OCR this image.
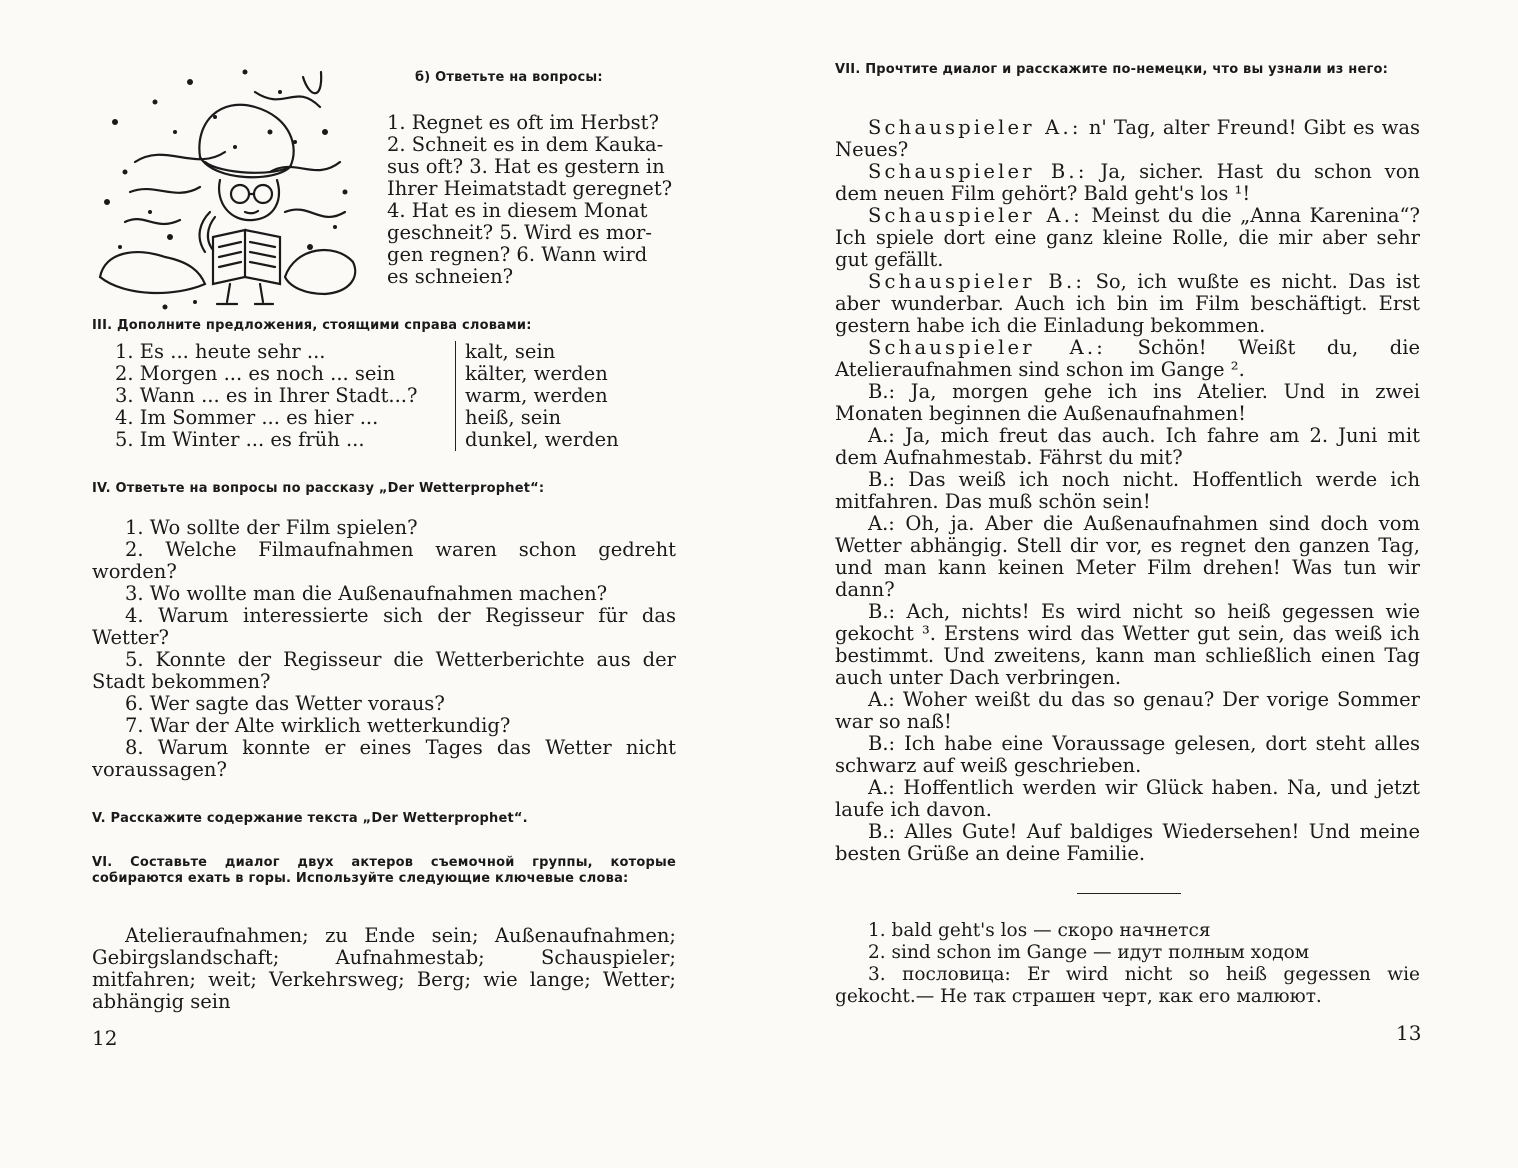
б) Ответьте на вопросы:
1. Regnet es oft im Herbst?
2. Schneit es in dem Kauka-
sus oft? 3. Hat es gestern in
Ihrer Heimatstadt geregnet?
4. Hat es in diesem Monat
geschneit? 5. Wird es mor-
gen regnen? 6. Wann wird
es schneien?
III. Дополните предложения, стоящими справа словами:
1. Es ... heute sehr ...	kalt, sein
2. Morgen ... es noch ... sein	kälter, werden
3. Wann ... es in Ihrer Stadt...?	warm, werden
4. Im Sommer ... es hier ...	heiß, sein
5. Im Winter ... es früh ...	dunkel, werden
IV. Ответьте на вопросы по рассказу „Der Wetterprophet“:
1. Wo sollte der Film spielen?
2. Welche Filmaufnahmen waren schon gedreht worden?
3. Wo wollte man die Außenaufnahmen machen?
4. Warum interessierte sich der Regisseur für das Wetter?
5. Konnte der Regisseur die Wetterberichte aus der Stadt bekommen?
6. Wer sagte das Wetter voraus?
7. War der Alte wirklich wetterkundig?
8. Warum konnte er eines Tages das Wetter nicht voraussagen?
V. Расскажите содержание текста „Der Wetterprophet“.
VI. Составьте диалог двух актеров съемочной группы, которые собираются ехать в горы. Используйте следующие ключевые слова:
Atelieraufnahmen; zu Ende sein; Außenaufnahmen; Gebirgslandschaft; Aufnahmestab; Schauspieler; mitfahren; weit; Verkehrsweg; Berg; wie lange; Wetter; abhängig sein
12
VII. Прочтите диалог и расскажите по-немецки, что вы узнали из него:
Schauspieler A.: n' Tag, alter Freund! Gibt es was Neues?
Schauspieler B.: Ja, sicher. Hast du schon von dem neuen Film gehört? Bald geht's los ¹!
Schauspieler A.: Meinst du die „Anna Karenina“? Ich spiele dort eine ganz kleine Rolle, die mir aber sehr gut gefällt.
Schauspieler B.: So, ich wußte es nicht. Das ist aber wunderbar. Auch ich bin im Film beschäftigt. Erst gestern habe ich die Einladung bekommen.
Schauspieler A.: Schön! Weißt du, die Atelieraufnahmen sind schon im Gange ².
B.: Ja, morgen gehe ich ins Atelier. Und in zwei Monaten beginnen die Außenaufnahmen!
A.: Ja, mich freut das auch. Ich fahre am 2. Juni mit dem Aufnahmestab. Fährst du mit?
B.: Das weiß ich noch nicht. Hoffentlich werde ich mitfahren. Das muß schön sein!
A.: Oh, ja. Aber die Außenaufnahmen sind doch vom Wetter abhängig. Stell dir vor, es regnet den ganzen Tag, und man kann keinen Meter Film drehen! Was tun wir dann?
B.: Ach, nichts! Es wird nicht so heiß gegessen wie gekocht ³. Erstens wird das Wetter gut sein, das weiß ich bestimmt. Und zweitens, kann man schließlich einen Tag auch unter Dach verbringen.
A.: Woher weißt du das so genau? Der vorige Sommer war so naß!
B.: Ich habe eine Voraussage gelesen, dort steht alles schwarz auf weiß geschrieben.
A.: Hoffentlich werden wir Glück haben. Na, und jetzt laufe ich davon.
B.: Alles Gute! Auf baldiges Wiedersehen! Und meine besten Grüße an deine Familie.
1. bald geht's los — скоро начнется
2. sind schon im Gange — идут полным ходом
3. пословица: Er wird nicht so heiß gegessen wie gekocht.— Не так страшен черт, как его малюют.
13
